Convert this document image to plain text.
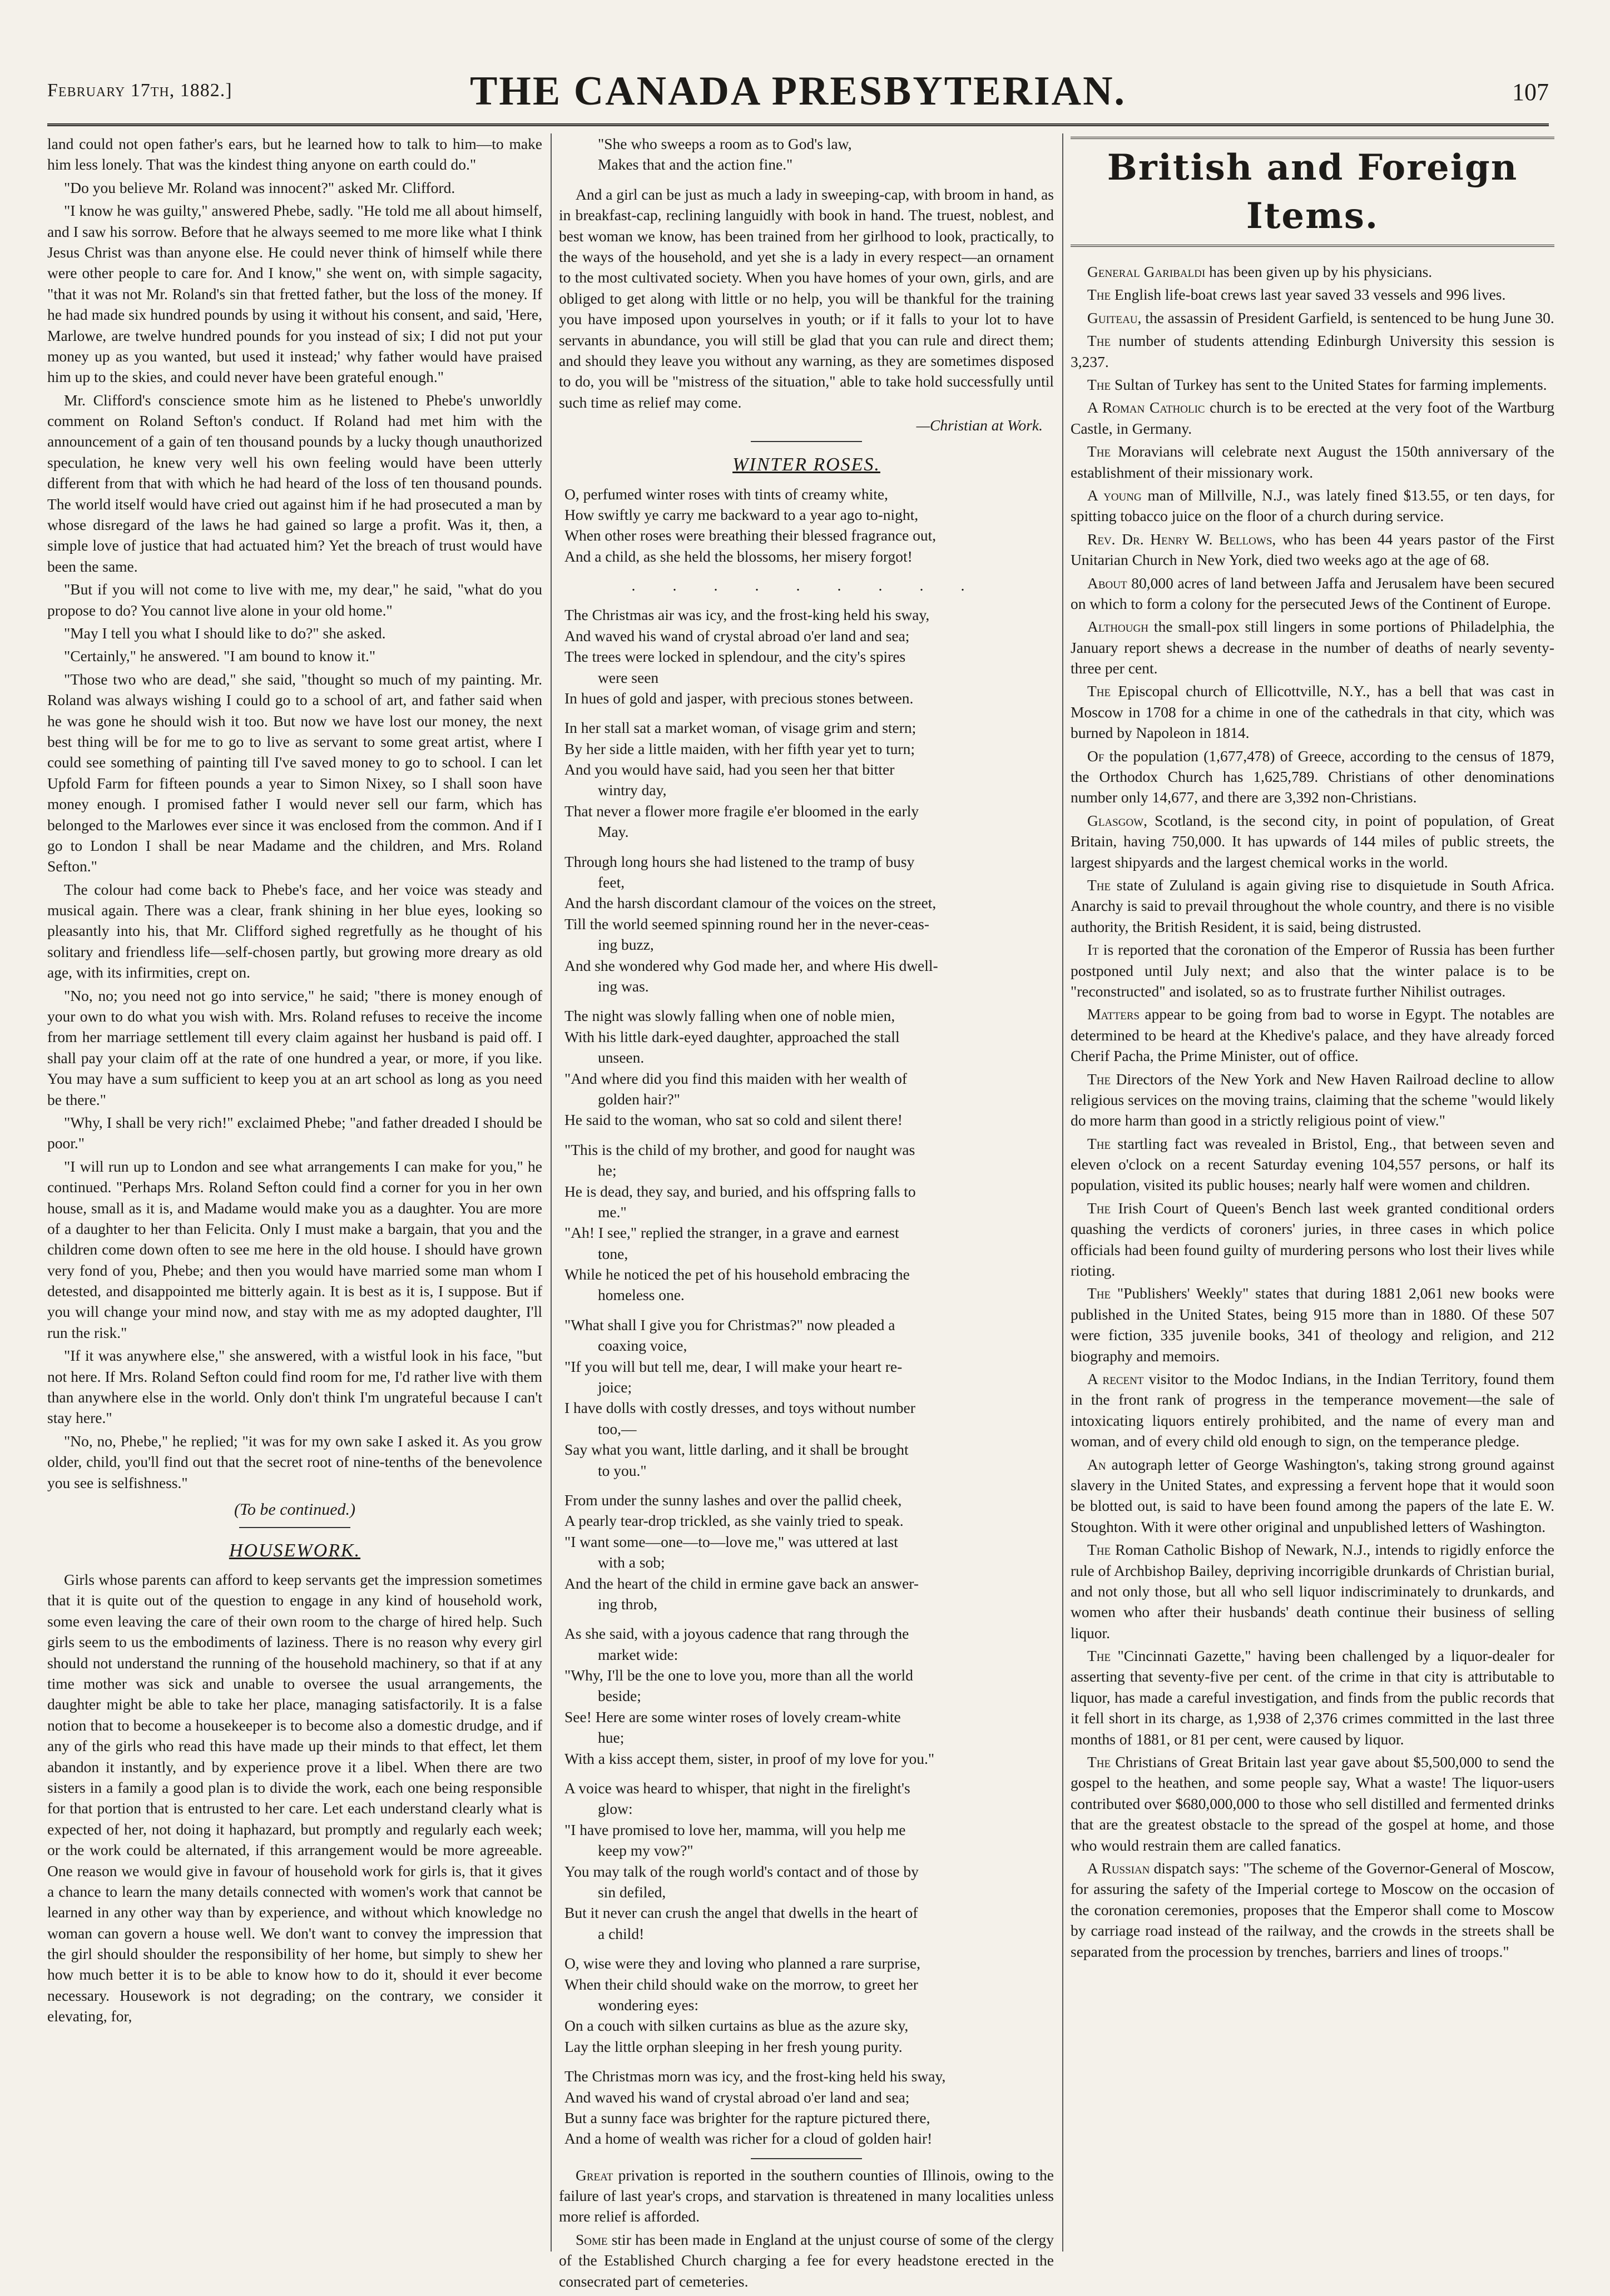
February 17th, 1882.]	THE CANADA PRESBYTERIAN.	107

land could not open father's ears, but he learned how to talk to him—to make him less lonely. That was the kindest thing anyone on earth could do."

"Do you believe Mr. Roland was innocent?" asked Mr. Clifford.

"I know he was guilty," answered Phebe, sadly. "He told me all about himself, and I saw his sorrow. Before that he always seemed to me more like what I think Jesus Christ was than anyone else. He could never think of himself while there were other people to care for. And I know," she went on, with simple sagacity, "that it was not Mr. Roland's sin that fretted father, but the loss of the money. If he had made six hundred pounds by using it without his consent, and said, 'Here, Marlowe, are twelve hundred pounds for you instead of six; I did not put your money up as you wanted, but used it instead;' why father would have praised him up to the skies, and could never have been grateful enough."

Mr. Clifford's conscience smote him as he listened to Phebe's unworldly comment on Roland Sefton's conduct. If Roland had met him with the announcement of a gain of ten thousand pounds by a lucky though unauthorized speculation, he knew very well his own feeling would have been utterly different from that with which he had heard of the loss of ten thousand pounds. The world itself would have cried out against him if he had prosecuted a man by whose disregard of the laws he had gained so large a profit. Was it, then, a simple love of justice that had actuated him? Yet the breach of trust would have been the same.

"But if you will not come to live with me, my dear," he said, "what do you propose to do? You cannot live alone in your old home."

"May I tell you what I should like to do?" she asked.

"Certainly," he answered. "I am bound to know it."

"Those two who are dead," she said, "thought so much of my painting. Mr. Roland was always wishing I could go to a school of art, and father said when he was gone he should wish it too. But now we have lost our money, the next best thing will be for me to go to live as servant to some great artist, where I could see something of painting till I've saved money to go to school. I can let Upfold Farm for fifteen pounds a year to Simon Nixey, so I shall soon have money enough. I promised father I would never sell our farm, which has belonged to the Marlowes ever since it was enclosed from the common. And if I go to London I shall be near Madame and the children, and Mrs. Roland Sefton."

The colour had come back to Phebe's face, and her voice was steady and musical again. There was a clear, frank shining in her blue eyes, looking so pleasantly into his, that Mr. Clifford sighed regretfully as he thought of his solitary and friendless life—self-chosen partly, but growing more dreary as old age, with its infirmities, crept on.

"No, no; you need not go into service," he said; "there is money enough of your own to do what you wish with. Mrs. Roland refuses to receive the income from her marriage settlement till every claim against her husband is paid off. I shall pay your claim off at the rate of one hundred a year, or more, if you like. You may have a sum sufficient to keep you at an art school as long as you need be there."

"Why, I shall be very rich!" exclaimed Phebe; "and father dreaded I should be poor."

"I will run up to London and see what arrangements I can make for you," he continued. "Perhaps Mrs. Roland Sefton could find a corner for you in her own house, small as it is, and Madame would make you as a daughter. You are more of a daughter to her than Felicita. Only I must make a bargain, that you and the children come down often to see me here in the old house. I should have grown very fond of you, Phebe; and then you would have married some man whom I detested, and disappointed me bitterly again. It is best as it is, I suppose. But if you will change your mind now, and stay with me as my adopted daughter, I'll run the risk."

"If it was anywhere else," she answered, with a wistful look in his face, "but not here. If Mrs. Roland Sefton could find room for me, I'd rather live with them than anywhere else in the world. Only don't think I'm ungrateful because I can't stay here."

"No, no, Phebe," he replied; "it was for my own sake I asked it. As you grow older, child, you'll find out that the secret root of nine-tenths of the benevolence you see is selfishness."

(To be continued.)
HOUSEWORK.

Girls whose parents can afford to keep servants get the impression sometimes that it is quite out of the question to engage in any kind of household work, some even leaving the care of their own room to the charge of hired help. Such girls seem to us the embodiments of laziness. There is no reason why every girl should not understand the running of the household machinery, so that if at any time mother was sick and unable to oversee the usual arrangements, the daughter might be able to take her place, managing satisfactorily. It is a false notion that to become a housekeeper is to become also a domestic drudge, and if any of the girls who read this have made up their minds to that effect, let them abandon it instantly, and by experience prove it a libel. When there are two sisters in a family a good plan is to divide the work, each one being responsible for that portion that is entrusted to her care. Let each understand clearly what is expected of her, not doing it haphazard, but promptly and regularly each week; or the work could be alternated, if this arrangement would be more agreeable. One reason we would give in favour of household work for girls is, that it gives a chance to learn the many details connected with women's work that cannot be learned in any other way than by experience, and without which knowledge no woman can govern a house well. We don't want to convey the impression that the girl should shoulder the responsibility of her home, but simply to shew her how much better it is to be able to know how to do it, should it ever become necessary. Housework is not degrading; on the contrary, we consider it elevating, for,

"She who sweeps a room as to God's law,
Makes that and the action fine."

And a girl can be just as much a lady in sweeping-cap, with broom in hand, as in breakfast-cap, reclining languidly with book in hand. The truest, noblest, and best woman we know, has been trained from her girlhood to look, practically, to the ways of the household, and yet she is a lady in every respect—an ornament to the most cultivated society. When you have homes of your own, girls, and are obliged to get along with little or no help, you will be thankful for the training you have imposed upon yourselves in youth; or if it falls to your lot to have servants in abundance, you will still be glad that you can rule and direct them; and should they leave you without any warning, as they are sometimes disposed to do, you will be "mistress of the situation," able to take hold successfully until such time as relief may come.

—Christian at Work.
WINTER ROSES.
O, perfumed winter roses with tints of creamy white,
How swiftly ye carry me backward to a year ago to-night,
When other roses were breathing their blessed fragrance out,
And a child, as she held the blossoms, her misery forgot!
. . . . . . . . .
The Christmas air was icy, and the frost-king held his sway,
And waved his wand of crystal abroad o'er land and sea;
The trees were locked in splendour, and the city's spires
were seen
In hues of gold and jasper, with precious stones between.
In her stall sat a market woman, of visage grim and stern;
By her side a little maiden, with her fifth year yet to turn;
And you would have said, had you seen her that bitter
wintry day,
That never a flower more fragile e'er bloomed in the early
May.
Through long hours she had listened to the tramp of busy
feet,
And the harsh discordant clamour of the voices on the street,
Till the world seemed spinning round her in the never-ceas-
ing buzz,
And she wondered why God made her, and where His dwell-
ing was.
The night was slowly falling when one of noble mien,
With his little dark-eyed daughter, approached the stall
unseen.
"And where did you find this maiden with her wealth of
golden hair?"
He said to the woman, who sat so cold and silent there!
"This is the child of my brother, and good for naught was
he;
He is dead, they say, and buried, and his offspring falls to
me."
"Ah! I see," replied the stranger, in a grave and earnest
tone,
While he noticed the pet of his household embracing the
homeless one.
"What shall I give you for Christmas?" now pleaded a
coaxing voice,
"If you will but tell me, dear, I will make your heart re-
joice;
I have dolls with costly dresses, and toys without number
too,—
Say what you want, little darling, and it shall be brought
to you."
From under the sunny lashes and over the pallid cheek,
A pearly tear-drop trickled, as she vainly tried to speak.
"I want some—one—to—love me," was uttered at last
with a sob;
And the heart of the child in ermine gave back an answer-
ing throb,
As she said, with a joyous cadence that rang through the
market wide:
"Why, I'll be the one to love you, more than all the world
beside;
See! Here are some winter roses of lovely cream-white
hue;
With a kiss accept them, sister, in proof of my love for you."
A voice was heard to whisper, that night in the firelight's
glow:
"I have promised to love her, mamma, will you help me
keep my vow?"
You may talk of the rough world's contact and of those by
sin defiled,
But it never can crush the angel that dwells in the heart of
a child!
O, wise were they and loving who planned a rare surprise,
When their child should wake on the morrow, to greet her
wondering eyes:
On a couch with silken curtains as blue as the azure sky,
Lay the little orphan sleeping in her fresh young purity.
The Christmas morn was icy, and the frost-king held his sway,
And waved his wand of crystal abroad o'er land and sea;
But a sunny face was brighter for the rapture pictured there,
And a home of wealth was richer for a cloud of golden hair!

Great privation is reported in the southern counties of Illinois, owing to the failure of last year's crops, and starvation is threatened in many localities unless more relief is afforded.

Some stir has been made in England at the unjust course of some of the clergy of the Established Church charging a fee for every headstone erected in the consecrated part of cemeteries.

British and Foreign Items.

General Garibaldi has been given up by his physicians.

The English life-boat crews last year saved 33 vessels and 996 lives.

Guiteau, the assassin of President Garfield, is sentenced to be hung June 30.

The number of students attending Edinburgh University this session is 3,237.

The Sultan of Turkey has sent to the United States for farming implements.

A Roman Catholic church is to be erected at the very foot of the Wartburg Castle, in Germany.

The Moravians will celebrate next August the 150th anniversary of the establishment of their missionary work.

A young man of Millville, N.J., was lately fined $13.55, or ten days, for spitting tobacco juice on the floor of a church during service.

Rev. Dr. Henry W. Bellows, who has been 44 years pastor of the First Unitarian Church in New York, died two weeks ago at the age of 68.

About 80,000 acres of land between Jaffa and Jerusalem have been secured on which to form a colony for the persecuted Jews of the Continent of Europe.

Although the small-pox still lingers in some portions of Philadelphia, the January report shews a decrease in the number of deaths of nearly seventy-three per cent.

The Episcopal church of Ellicottville, N.Y., has a bell that was cast in Moscow in 1708 for a chime in one of the cathedrals in that city, which was burned by Napoleon in 1814.

Of the population (1,677,478) of Greece, according to the census of 1879, the Orthodox Church has 1,625,789. Christians of other denominations number only 14,677, and there are 3,392 non-Christians.

Glasgow, Scotland, is the second city, in point of population, of Great Britain, having 750,000. It has upwards of 144 miles of public streets, the largest shipyards and the largest chemical works in the world.

The state of Zululand is again giving rise to disquietude in South Africa. Anarchy is said to prevail throughout the whole country, and there is no visible authority, the British Resident, it is said, being distrusted.

It is reported that the coronation of the Emperor of Russia has been further postponed until July next; and also that the winter palace is to be "reconstructed" and isolated, so as to frustrate further Nihilist outrages.

Matters appear to be going from bad to worse in Egypt. The notables are determined to be heard at the Khedive's palace, and they have already forced Cherif Pacha, the Prime Minister, out of office.

The Directors of the New York and New Haven Railroad decline to allow religious services on the moving trains, claiming that the scheme "would likely do more harm than good in a strictly religious point of view."

The startling fact was revealed in Bristol, Eng., that between seven and eleven o'clock on a recent Saturday evening 104,557 persons, or half its population, visited its public houses; nearly half were women and children.

The Irish Court of Queen's Bench last week granted conditional orders quashing the verdicts of coroners' juries, in three cases in which police officials had been found guilty of murdering persons who lost their lives while rioting.

The "Publishers' Weekly" states that during 1881 2,061 new books were published in the United States, being 915 more than in 1880. Of these 507 were fiction, 335 juvenile books, 341 of theology and religion, and 212 biography and memoirs.

A recent visitor to the Modoc Indians, in the Indian Territory, found them in the front rank of progress in the temperance movement—the sale of intoxicating liquors entirely prohibited, and the name of every man and woman, and of every child old enough to sign, on the temperance pledge.

An autograph letter of George Washington's, taking strong ground against slavery in the United States, and expressing a fervent hope that it would soon be blotted out, is said to have been found among the papers of the late E. W. Stoughton. With it were other original and unpublished letters of Washington.

The Roman Catholic Bishop of Newark, N.J., intends to rigidly enforce the rule of Archbishop Bailey, depriving incorrigible drunkards of Christian burial, and not only those, but all who sell liquor indiscriminately to drunkards, and women who after their husbands' death continue their business of selling liquor.

The "Cincinnati Gazette," having been challenged by a liquor-dealer for asserting that seventy-five per cent. of the crime in that city is attributable to liquor, has made a careful investigation, and finds from the public records that it fell short in its charge, as 1,938 of 2,376 crimes committed in the last three months of 1881, or 81 per cent, were caused by liquor.

The Christians of Great Britain last year gave about $5,500,000 to send the gospel to the heathen, and some people say, What a waste! The liquor-users contributed over $680,000,000 to those who sell distilled and fermented drinks that are the greatest obstacle to the spread of the gospel at home, and those who would restrain them are called fanatics.

A Russian dispatch says: "The scheme of the Governor-General of Moscow, for assuring the safety of the Imperial cortege to Moscow on the occasion of the coronation ceremonies, proposes that the Emperor shall come to Moscow by carriage road instead of the railway, and the crowds in the streets shall be separated from the procession by trenches, barriers and lines of troops."
